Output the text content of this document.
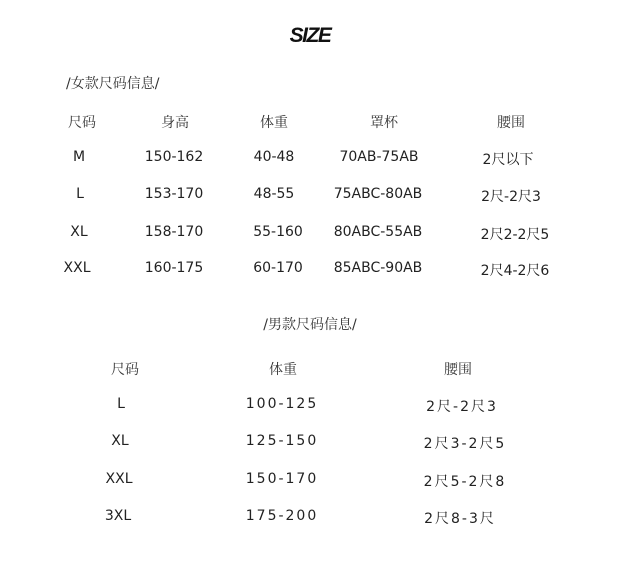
SIZE
/女款尺码信息/
尺码	身高	体重	罩杯	腰围
M	150-162	40-48	70AB-75AB	2尺以下
L	153-170	48-55	75ABC-80AB	2尺-2尺3
XL	158-170	55-160 80ABC-55AB	2尺2-2尺5
XXL	160-175	60-170 85ABC-90AB	2尺4-2尺6
/男款尺码信息/
尺码	体重	腰围
L	100-125	2尺-2尺3
XL	125-150	2尺3-2尺5
XXL	150-170	2尺5-2尺8
3XL	175-200	2尺8-3尺
